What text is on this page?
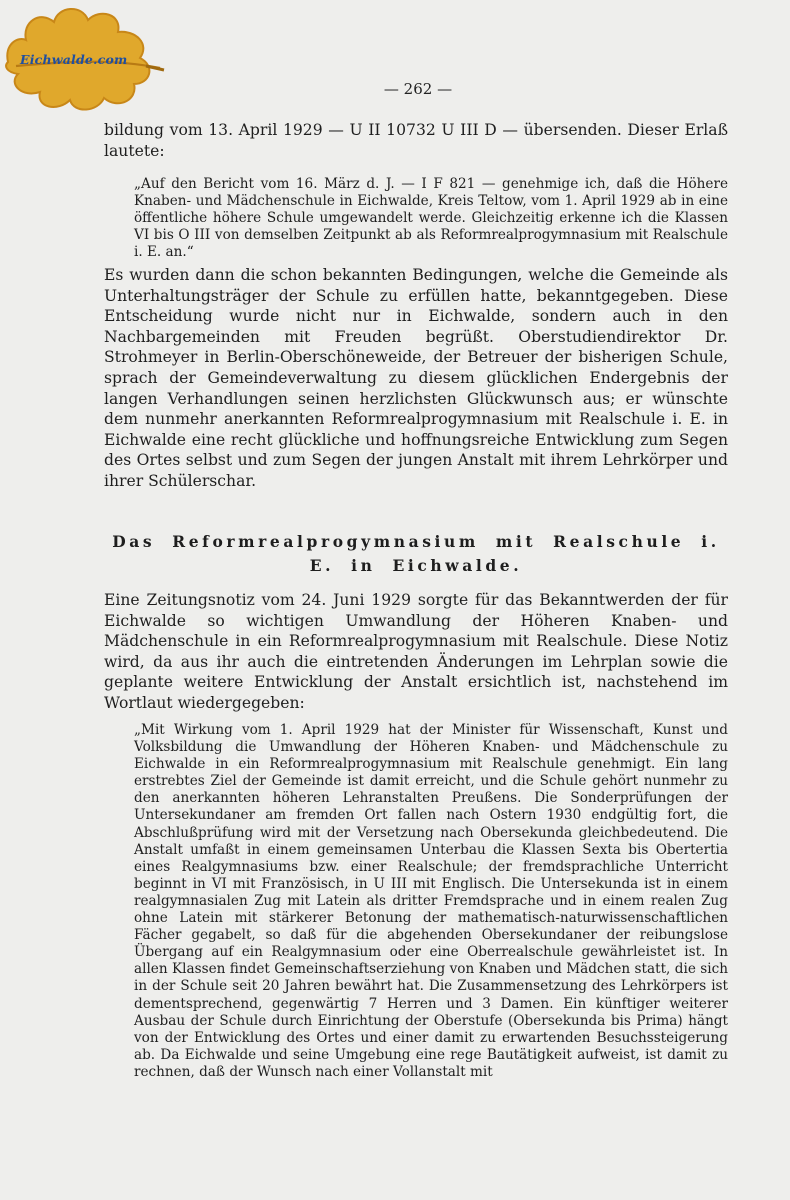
Eichwalde.com
— 262 —

bildung vom 13. April 1929 — U II 10732 U III D — übersenden. Dieser Erlaß lautete:

„Auf den Bericht vom 16. März d. J. — I F 821 — genehmige ich, daß die Höhere Knaben- und Mädchenschule in Eichwalde, Kreis Teltow, vom 1. April 1929 ab in eine öffentliche höhere Schule umgewandelt werde. Gleichzeitig erkenne ich die Klassen VI bis O III von demselben Zeitpunkt ab als Reformrealprogymnasium mit Realschule i. E. an.“

Es wurden dann die schon bekannten Bedingungen, welche die Gemeinde als Unterhaltungsträger der Schule zu erfüllen hatte, bekanntgegeben. Diese Entscheidung wurde nicht nur in Eichwalde, sondern auch in den Nachbargemeinden mit Freuden begrüßt. Oberstudiendirektor Dr. Strohmeyer in Berlin-Oberschöneweide, der Betreuer der bisherigen Schule, sprach der Gemeindeverwaltung zu diesem glücklichen Endergebnis der langen Verhandlungen seinen herzlichsten Glückwunsch aus; er wünschte dem nunmehr anerkannten Reformrealprogymnasium mit Realschule i. E. in Eichwalde eine recht glückliche und hoffnungsreiche Entwicklung zum Segen des Ortes selbst und zum Segen der jungen Anstalt mit ihrem Lehrkörper und ihrer Schülerschar.

Das Reformrealprogymnasium mit Realschule i. E. in Eichwalde.

Eine Zeitungsnotiz vom 24. Juni 1929 sorgte für das Bekanntwerden der für Eichwalde so wichtigen Umwandlung der Höheren Knaben- und Mädchenschule in ein Reformrealprogymnasium mit Realschule. Diese Notiz wird, da aus ihr auch die eintretenden Änderungen im Lehrplan sowie die geplante weitere Entwicklung der Anstalt ersichtlich ist, nachstehend im Wortlaut wiedergegeben:

„Mit Wirkung vom 1. April 1929 hat der Minister für Wissenschaft, Kunst und Volksbildung die Umwandlung der Höheren Knaben- und Mädchenschule zu Eichwalde in ein Reformrealprogymnasium mit Realschule genehmigt. Ein lang erstrebtes Ziel der Gemeinde ist damit erreicht, und die Schule gehört nunmehr zu den anerkannten höheren Lehranstalten Preußens. Die Sonderprüfungen der Untersekundaner am fremden Ort fallen nach Ostern 1930 endgültig fort, die Abschlußprüfung wird mit der Versetzung nach Obersekunda gleichbedeutend. Die Anstalt umfaßt in einem gemeinsamen Unterbau die Klassen Sexta bis Obertertia eines Realgymnasiums bzw. einer Realschule; der fremdsprachliche Unterricht beginnt in VI mit Französisch, in U III mit Englisch. Die Untersekunda ist in einem realgymnasialen Zug mit Latein als dritter Fremdsprache und in einem realen Zug ohne Latein mit stärkerer Betonung der mathematisch-naturwissenschaftlichen Fächer gegabelt, so daß für die abgehenden Obersekundaner der reibungslose Übergang auf ein Realgymnasium oder eine Oberrealschule gewährleistet ist. In allen Klassen findet Gemeinschaftserziehung von Knaben und Mädchen statt, die sich in der Schule seit 20 Jahren bewährt hat. Die Zusammensetzung des Lehrkörpers ist dementsprechend, gegenwärtig 7 Herren und 3 Damen. Ein künftiger weiterer Ausbau der Schule durch Einrichtung der Oberstufe (Obersekunda bis Prima) hängt von der Entwicklung des Ortes und einer damit zu erwartenden Besuchssteigerung ab. Da Eichwalde und seine Umgebung eine rege Bautätigkeit aufweist, ist damit zu rechnen, daß der Wunsch nach einer Vollanstalt mit
